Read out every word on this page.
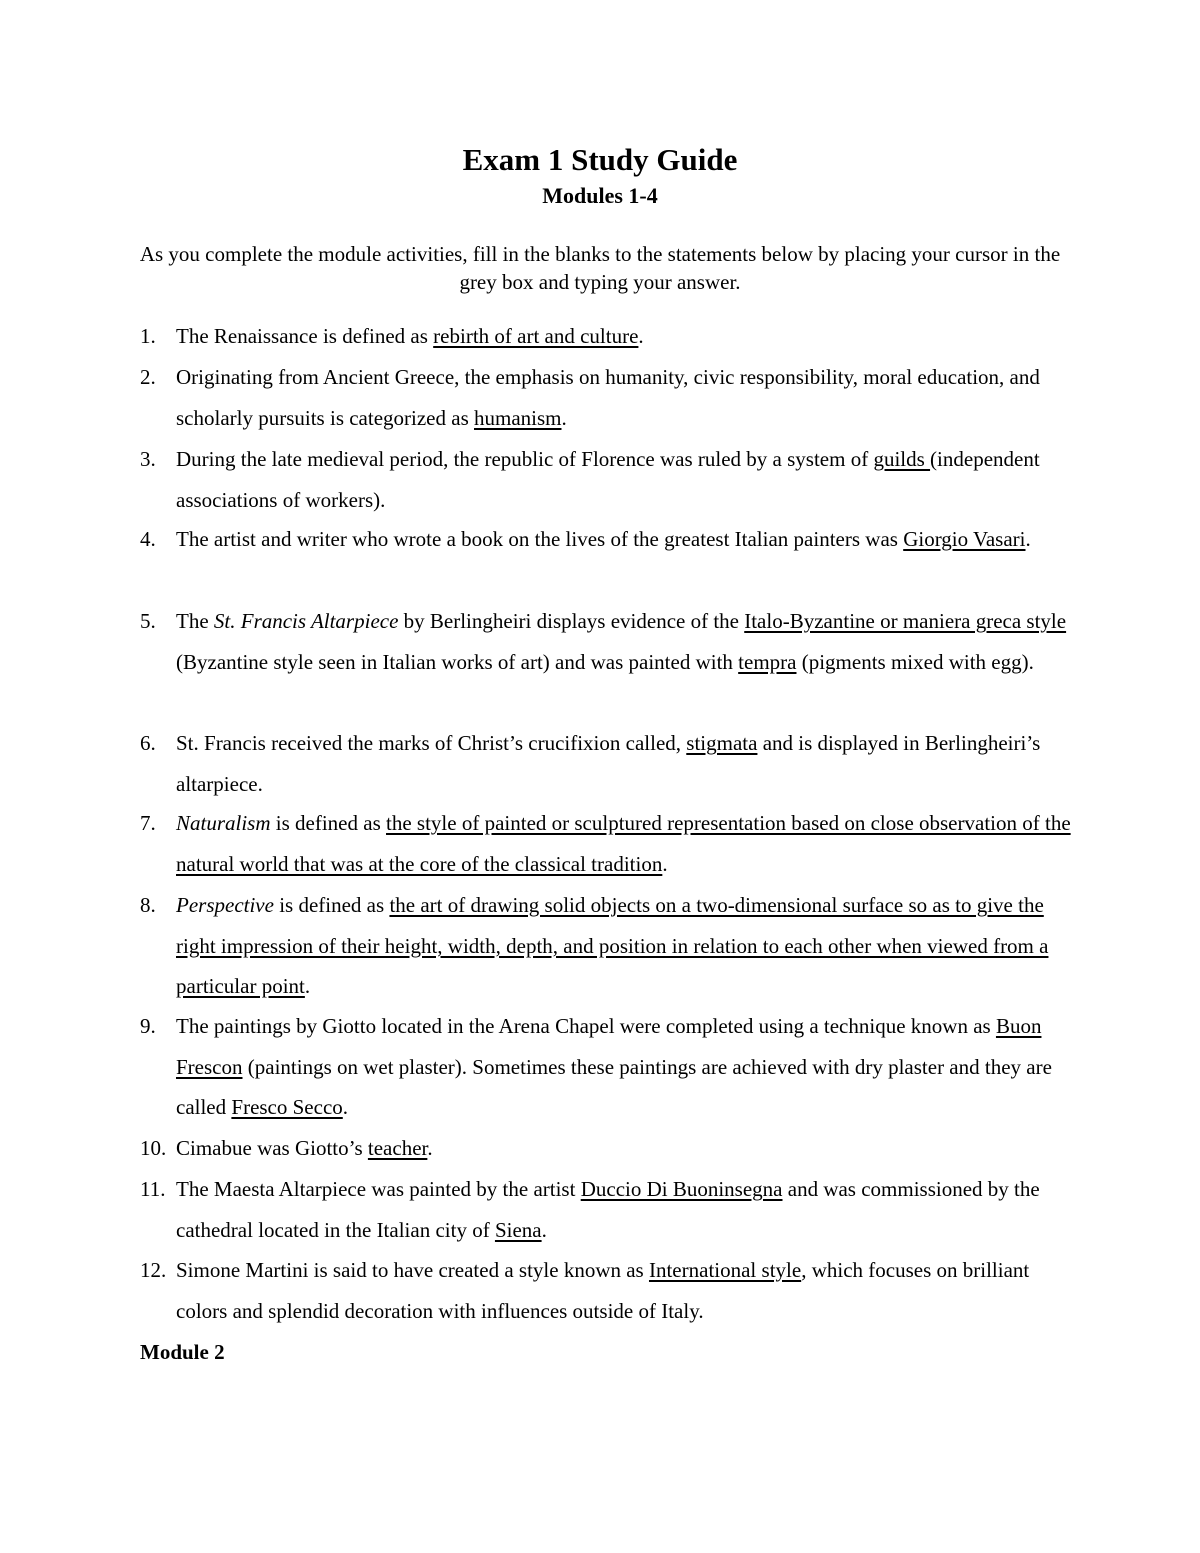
Exam 1 Study Guide
Modules 1-4
As you complete the module activities, fill in the blanks to the statements below by placing your cursor in the grey box and typing your answer.
1. The Renaissance is defined as rebirth of art and culture.
2. Originating from Ancient Greece, the emphasis on humanity, civic responsibility, moral education, and scholarly pursuits is categorized as humanism.
3. During the late medieval period, the republic of Florence was ruled by a system of guilds (independent associations of workers).
4. The artist and writer who wrote a book on the lives of the greatest Italian painters was Giorgio Vasari.
5. The St. Francis Altarpiece by Berlingheiri displays evidence of the Italo-Byzantine or maniera greca style (Byzantine style seen in Italian works of art) and was painted with tempra (pigments mixed with egg).
6. St. Francis received the marks of Christ’s crucifixion called, stigmata and is displayed in Berlingheiri’s altarpiece.
7. Naturalism is defined as the style of painted or sculptured representation based on close observation of the natural world that was at the core of the classical tradition.
8. Perspective is defined as the art of drawing solid objects on a two-dimensional surface so as to give the right impression of their height, width, depth, and position in relation to each other when viewed from a particular point.
9. The paintings by Giotto located in the Arena Chapel were completed using a technique known as Buon Frescon (paintings on wet plaster). Sometimes these paintings are achieved with dry plaster and they are called Fresco Secco.
10. Cimabue was Giotto’s teacher.
11. The Maesta Altarpiece was painted by the artist Duccio Di Buoninsegna and was commissioned by the cathedral located in the Italian city of Siena.
12. Simone Martini is said to have created a style known as International style, which focuses on brilliant colors and splendid decoration with influences outside of Italy.
Module 2
